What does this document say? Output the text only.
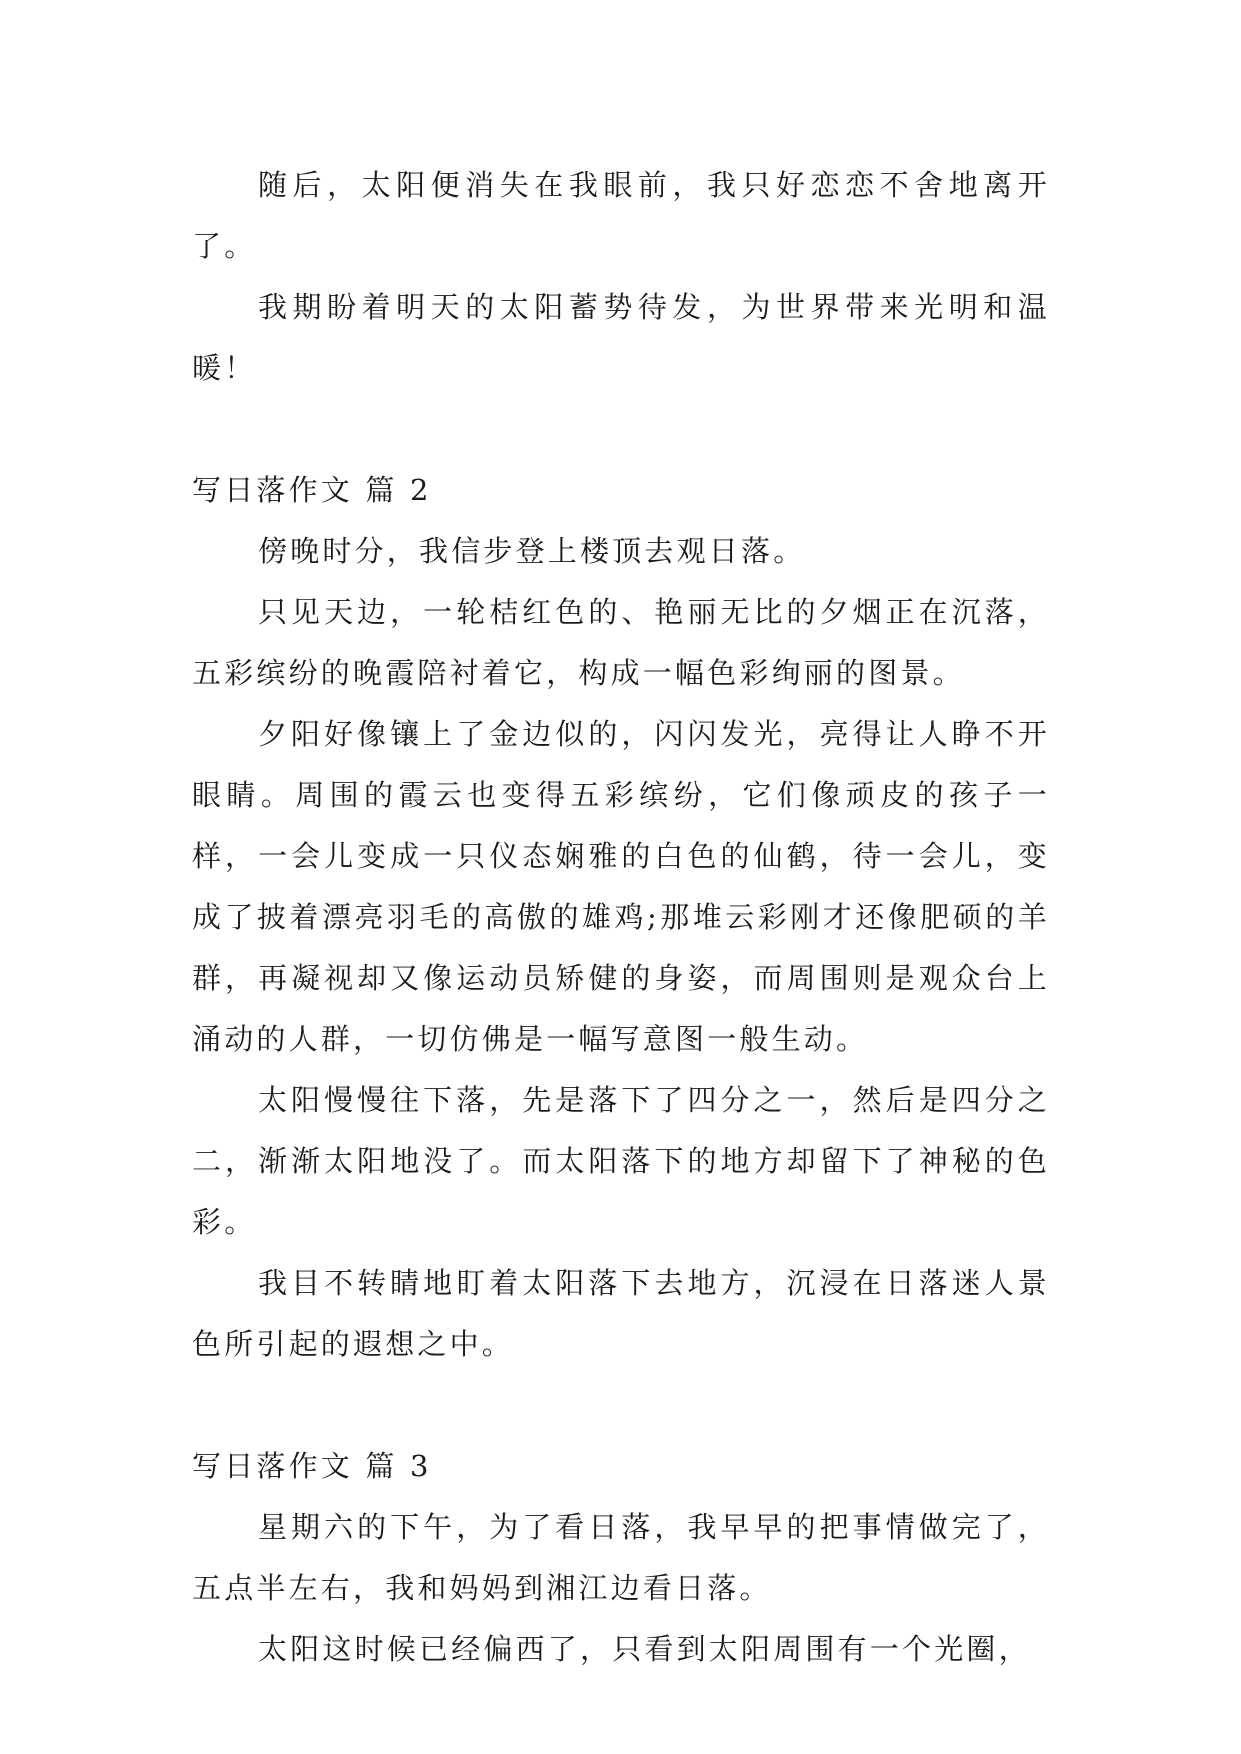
随后，太阳便消失在我眼前，我只好恋恋不舍地离开了。

我期盼着明天的太阳蓄势待发，为世界带来光明和温暖！

写日落作文 篇 2

傍晚时分，我信步登上楼顶去观日落。

只见天边，一轮桔红色的、艳丽无比的夕烟正在沉落，五彩缤纷的晚霞陪衬着它，构成一幅色彩绚丽的图景。

夕阳好像镶上了金边似的，闪闪发光，亮得让人睁不开眼睛。周围的霞云也变得五彩缤纷，它们像顽皮的孩子一样，一会儿变成一只仪态娴雅的白色的仙鹤，待一会儿，变成了披着漂亮羽毛的高傲的雄鸡;那堆云彩刚才还像肥硕的羊群，再凝视却又像运动员矫健的身姿，而周围则是观众台上涌动的人群，一切仿佛是一幅写意图一般生动。

太阳慢慢往下落，先是落下了四分之一，然后是四分之二，渐渐太阳地没了。而太阳落下的地方却留下了神秘的色彩。

我目不转睛地盯着太阳落下去地方，沉浸在日落迷人景色所引起的遐想之中。

写日落作文 篇 3

星期六的下午，为了看日落，我早早的把事情做完了，五点半左右，我和妈妈到湘江边看日落。

太阳这时候已经偏西了，只看到太阳周围有一个光圈，
